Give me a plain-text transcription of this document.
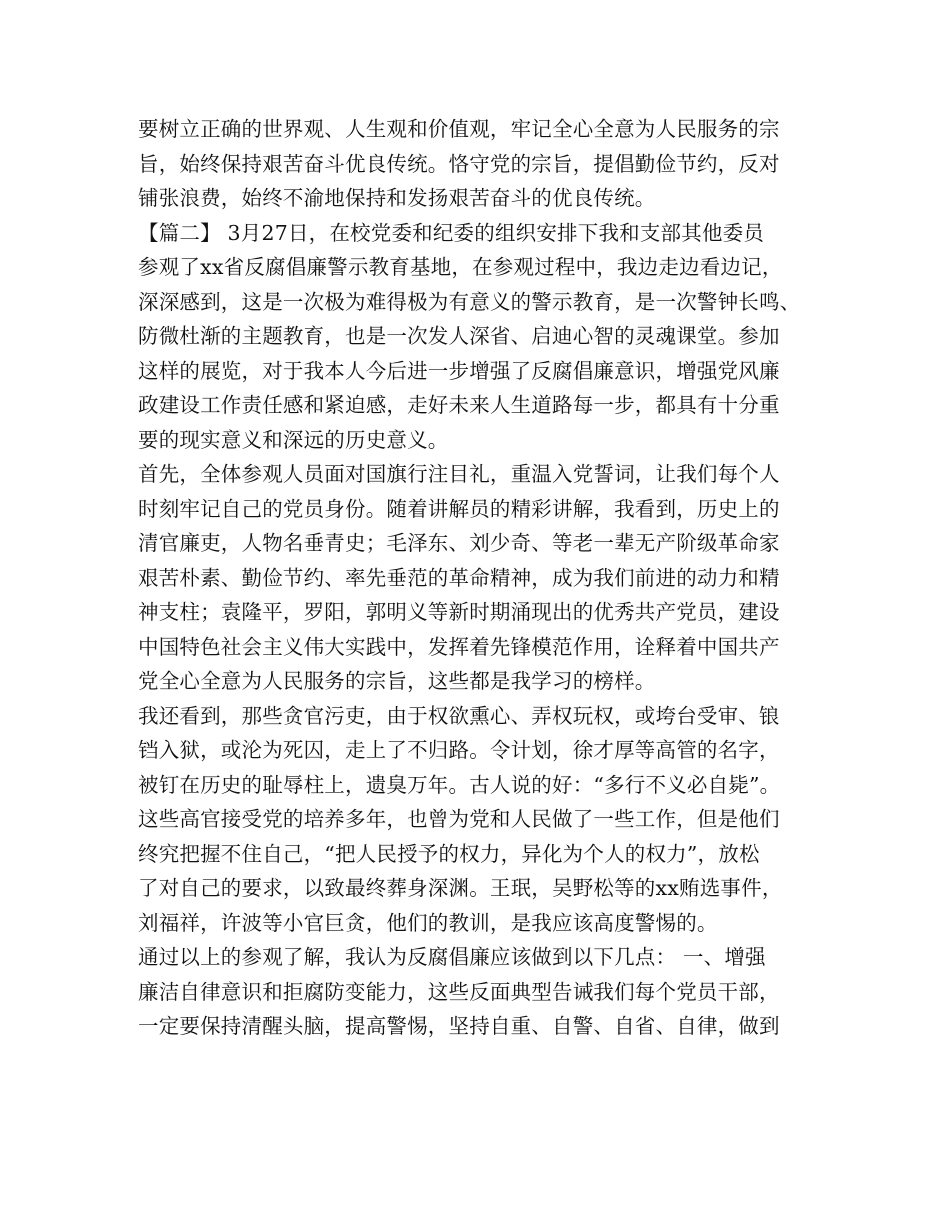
要树立正确的世界观、人生观和价值观，牢记全心全意为人民服务的宗
旨，始终保持艰苦奋斗优良传统。恪守党的宗旨，提倡勤俭节约，反对
铺张浪费，始终不渝地保持和发扬艰苦奋斗的优良传统。
【篇二】 3月27日，在校党委和纪委的组织安排下我和支部其他委员
参观了xx省反腐倡廉警示教育基地，在参观过程中，我边走边看边记，
深深感到，这是一次极为难得极为有意义的警示教育，是一次警钟长鸣、
防微杜渐的主题教育，也是一次发人深省、启迪心智的灵魂课堂。参加
这样的展览，对于我本人今后进一步增强了反腐倡廉意识，增强党风廉
政建设工作责任感和紧迫感，走好未来人生道路每一步，都具有十分重
要的现实意义和深远的历史意义。
首先，全体参观人员面对国旗行注目礼，重温入党誓词，让我们每个人
时刻牢记自己的党员身份。随着讲解员的精彩讲解，我看到，历史上的
清官廉吏，人物名垂青史；毛泽东、刘少奇、等老一辈无产阶级革命家
艰苦朴素、勤俭节约、率先垂范的革命精神，成为我们前进的动力和精
神支柱；袁隆平，罗阳，郭明义等新时期涌现出的优秀共产党员，建设
中国特色社会主义伟大实践中，发挥着先锋模范作用，诠释着中国共产
党全心全意为人民服务的宗旨，这些都是我学习的榜样。
我还看到，那些贪官污吏，由于权欲熏心、弄权玩权，或垮台受审、锒
铛入狱，或沦为死囚，走上了不归路。令计划，徐才厚等高管的名字，
被钉在历史的耻辱柱上，遗臭万年。古人说的好：“多行不义必自毙”。
这些高官接受党的培养多年，也曾为党和人民做了一些工作，但是他们
终究把握不住自己，“把人民授予的权力，异化为个人的权力”，放松
了对自己的要求，以致最终葬身深渊。王珉，吴野松等的xx贿选事件，
刘福祥，许波等小官巨贪，他们的教训，是我应该高度警惕的。
通过以上的参观了解，我认为反腐倡廉应该做到以下几点： 一、增强
廉洁自律意识和拒腐防变能力，这些反面典型告诫我们每个党员干部，
一定要保持清醒头脑，提高警惕，坚持自重、自警、自省、自律，做到
